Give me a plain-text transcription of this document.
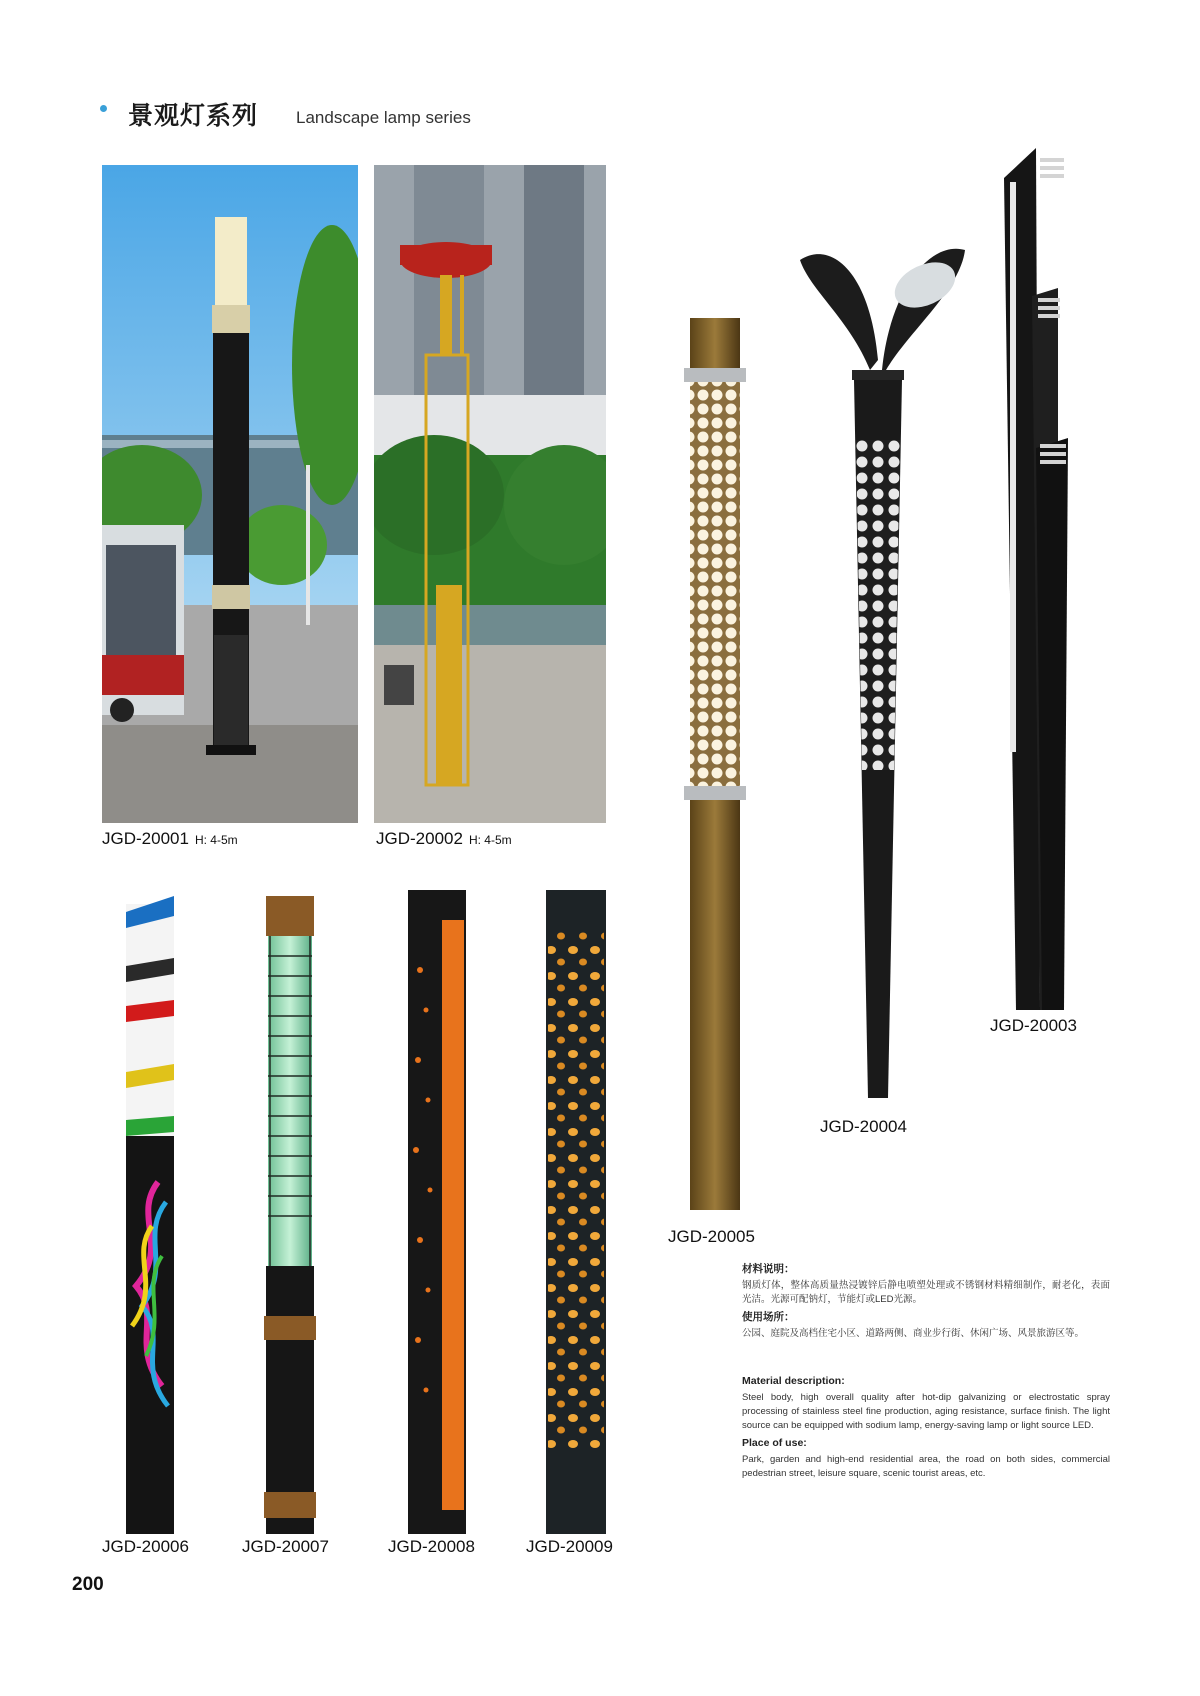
景观灯系列 Landscape lamp series
JGD-20001 H: 4-5m	JGD-20002 H: 4-5m
JGD-20005
JGD-20004
JGD-20003
JGD-20006	JGD-20007	JGD-20008	JGD-20009

材料说明：

钢质灯体，整体高质量热浸镀锌后静电喷塑处理或不锈钢材料精细制作，耐老化，表面光洁。光源可配钠灯，节能灯或LED光源。

使用场所：

公园、庭院及高档住宅小区、道路两侧、商业步行街、休闲广场、风景旅游区等。

Material description:

Steel body, high overall quality after hot-dip galvanizing or electrostatic spray processing of stainless steel fine production, aging resistance, surface finish. The light source can be equipped with sodium lamp, energy-saving lamp or light source LED.

Place of use:

Park, garden and high-end residential area, the road on both sides, commercial pedestrian street, leisure square, scenic tourist areas, etc.

200
